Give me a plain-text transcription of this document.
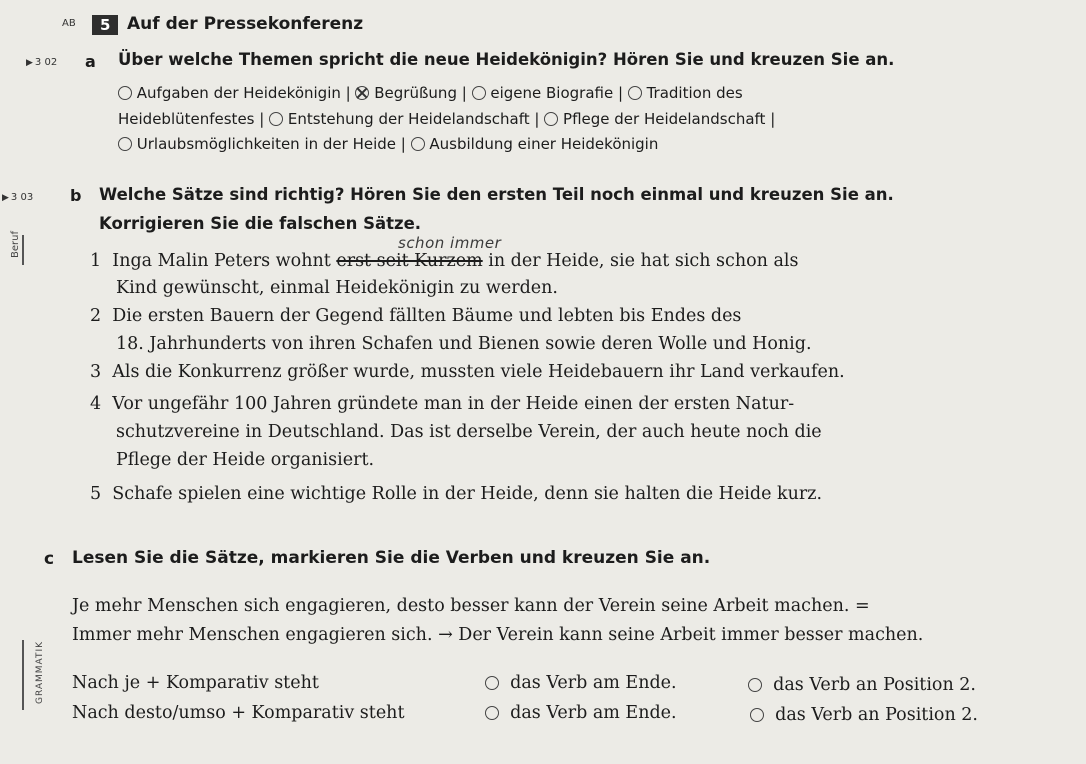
AB	5 Auf der Pressekonferenz
▶ 3 02 a Über welche Themen spricht die neue Heidekönigin? Hören Sie und kreuzen Sie an.
Aufgaben der Heidekönigin | Begrüßung | eigene Biografie | Tradition des
Heideblütenfestes | Entstehung der Heidelandschaft | Pflege der Heidelandschaft |
Urlaubsmöglichkeiten in der Heide | Ausbildung einer Heidekönigin
▶ 3 03 b Welche Sätze sind richtig? Hören Sie den ersten Teil noch einmal und kreuzen Sie an.
Korrigieren Sie die falschen Sätze.
Beruf	schon immer
1 Inga Malin Peters wohnt erst seit Kurzem in der Heide, sie hat sich schon als
Kind gewünscht, einmal Heidekönigin zu werden.
2 Die ersten Bauern der Gegend fällten Bäume und lebten bis Endes des
18. Jahrhunderts von ihren Schafen und Bienen sowie deren Wolle und Honig.
3 Als die Konkurrenz größer wurde, mussten viele Heidebauern ihr Land verkaufen.
4 Vor ungefähr 100 Jahren gründete man in der Heide einen der ersten Natur-
schutzvereine in Deutschland. Das ist derselbe Verein, der auch heute noch die
Pflege der Heide organisiert.
5 Schafe spielen eine wichtige Rolle in der Heide, denn sie halten die Heide kurz.
c Lesen Sie die Sätze, markieren Sie die Verben und kreuzen Sie an.
Je mehr Menschen sich engagieren, desto besser kann der Verein seine Arbeit machen. =
Immer mehr Menschen engagieren sich. → Der Verein kann seine Arbeit immer besser machen.
GRAMMATIK Nach je + Komparativ steht	das Verb am Ende.	das Verb an Position 2.
Nach desto/umso + Komparativ steht	das Verb am Ende.	das Verb an Position 2.
